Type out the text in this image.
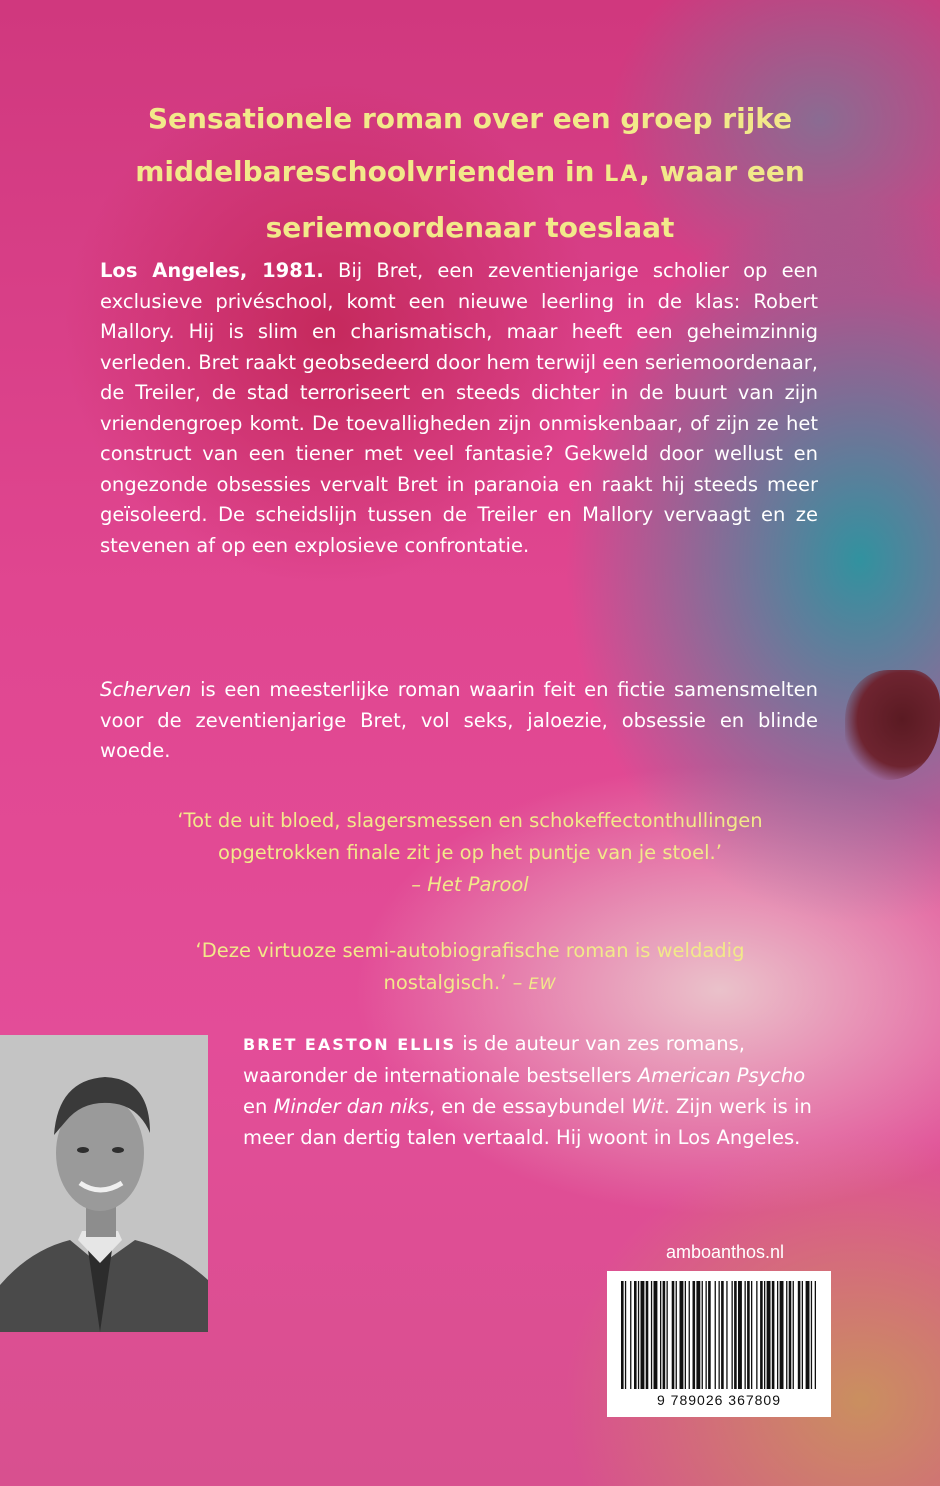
Sensationele roman over een groep rijke
middelbareschoolvrienden in LA, waar een
seriemoordenaar toeslaat

Los Angeles, 1981. Bij Bret, een zeventienjarige scholier op een exclusieve privéschool, komt een nieuwe leerling in de klas: Robert Mallory. Hij is slim en charismatisch, maar heeft een geheimzinnig verleden. Bret raakt geobsedeerd door hem terwijl een seriemoordenaar, de Treiler, de stad terroriseert en steeds dichter in de buurt van zijn vriendengroep komt. De toevalligheden zijn onmiskenbaar, of zijn ze het construct van een tiener met veel fantasie? Gekweld door wellust en ongezonde obsessies vervalt Bret in paranoia en raakt hij steeds meer geïsoleerd. De scheidslijn tussen de Treiler en Mallory vervaagt en ze stevenen af op een explosieve confrontatie.

Scherven is een meesterlijke roman waarin feit en fictie samensmelten voor de zeventienjarige Bret, vol seks, jaloezie, obsessie en blinde woede.

‘Tot de uit bloed, slagersmessen en schokeffectonthullingen
opgetrokken finale zit je op het puntje van je stoel.’
– Het Parool
‘Deze virtuoze semi-autobiografische roman is weldadig
nostalgisch.’ – EW

BRET EASTON ELLIS is de auteur van zes romans, waaronder de internationale bestsellers American Psycho en Minder dan niks, en de essaybundel Wit. Zijn werk is in meer dan dertig talen vertaald. Hij woont in Los Angeles.

amboanthos.nl
9 789026 367809
